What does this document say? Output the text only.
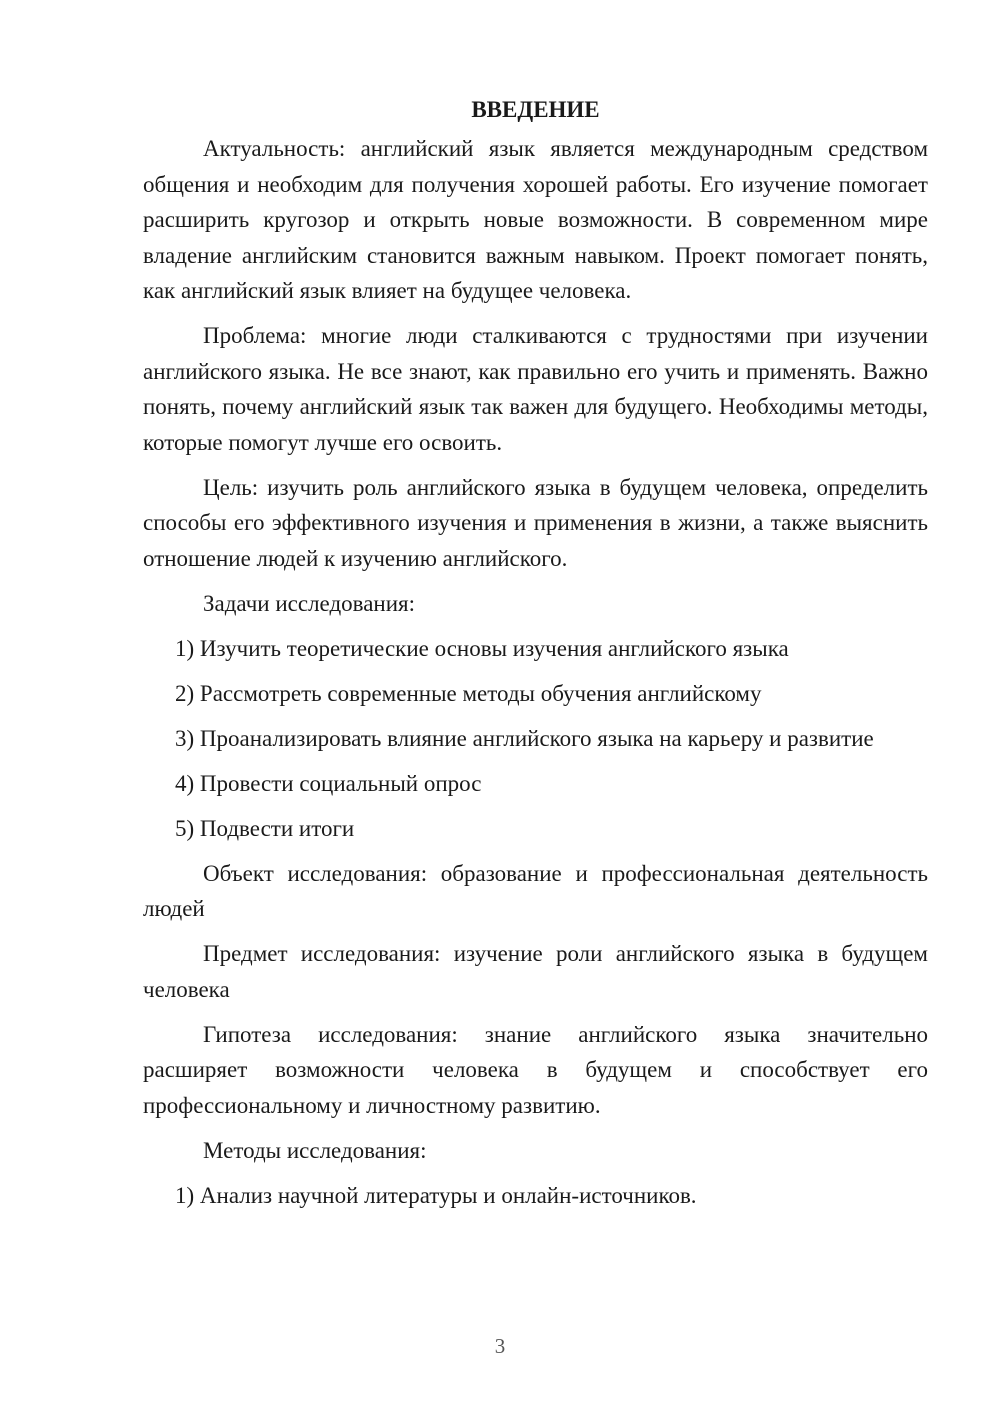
ВВЕДЕНИЕ

Актуальность: английский язык является международным средством общения и необходим для получения хорошей работы. Его изучение помогает расширить кругозор и открыть новые возможности. В современном мире владение английским становится важным навыком. Проект помогает понять, как английский язык влияет на будущее человека.

Проблема: многие люди сталкиваются с трудностями при изучении английского языка. Не все знают, как правильно его учить и применять. Важно понять, почему английский язык так важен для будущего. Необходимы методы, которые помогут лучше его освоить.

Цель: изучить роль английского языка в будущем человека, определить способы его эффективного изучения и применения в жизни, а также выяснить отношение людей к изучению английского.

Задачи исследования:

1) Изучить теоретические основы изучения английского языка

2) Рассмотреть современные методы обучения английскому

3) Проанализировать влияние английского языка на карьеру и развитие

4) Провести социальный опрос

5) Подвести итоги

Объект исследования: образование и профессиональная деятельность людей

Предмет исследования: изучение роли английского языка в будущем человека

Гипотеза исследования: знание английского языка значительно расширяет возможности человека в будущем и способствует его профессиональному и личностному развитию.

Методы исследования:

1) Анализ научной литературы и онлайн-источников.

3
